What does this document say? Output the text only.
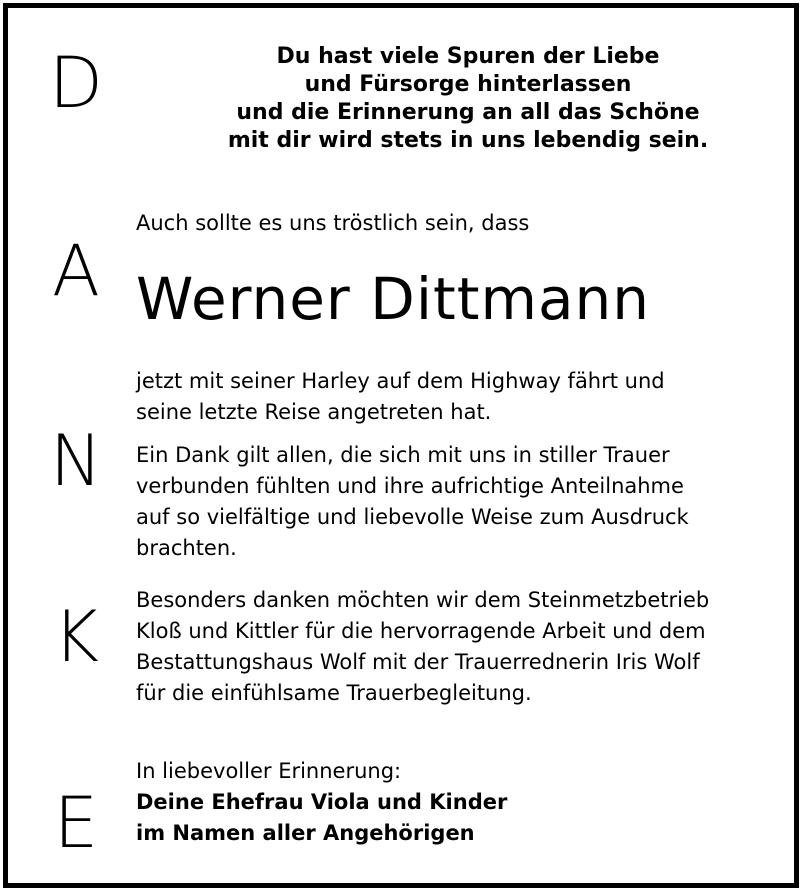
D
A
N
K
E
Du hast viele Spuren der Liebe
und Fürsorge hinterlassen
und die Erinnerung an all das Schöne
mit dir wird stets in uns lebendig sein.
Auch sollte es uns tröstlich sein, dass
Werner Dittmann
jetzt mit seiner Harley auf dem Highway fährt und
seine letzte Reise angetreten hat.
Ein Dank gilt allen, die sich mit uns in stiller Trauer
verbunden fühlten und ihre aufrichtige Anteilnahme
auf so vielfältige und liebevolle Weise zum Ausdruck
brachten.
Besonders danken möchten wir dem Steinmetzbetrieb
Kloß und Kittler für die hervorragende Arbeit und dem
Bestattungshaus Wolf mit der Trauerrednerin Iris Wolf
für die einfühlsame Trauerbegleitung.
In liebevoller Erinnerung:
Deine Ehefrau Viola und Kinder
im Namen aller Angehörigen
